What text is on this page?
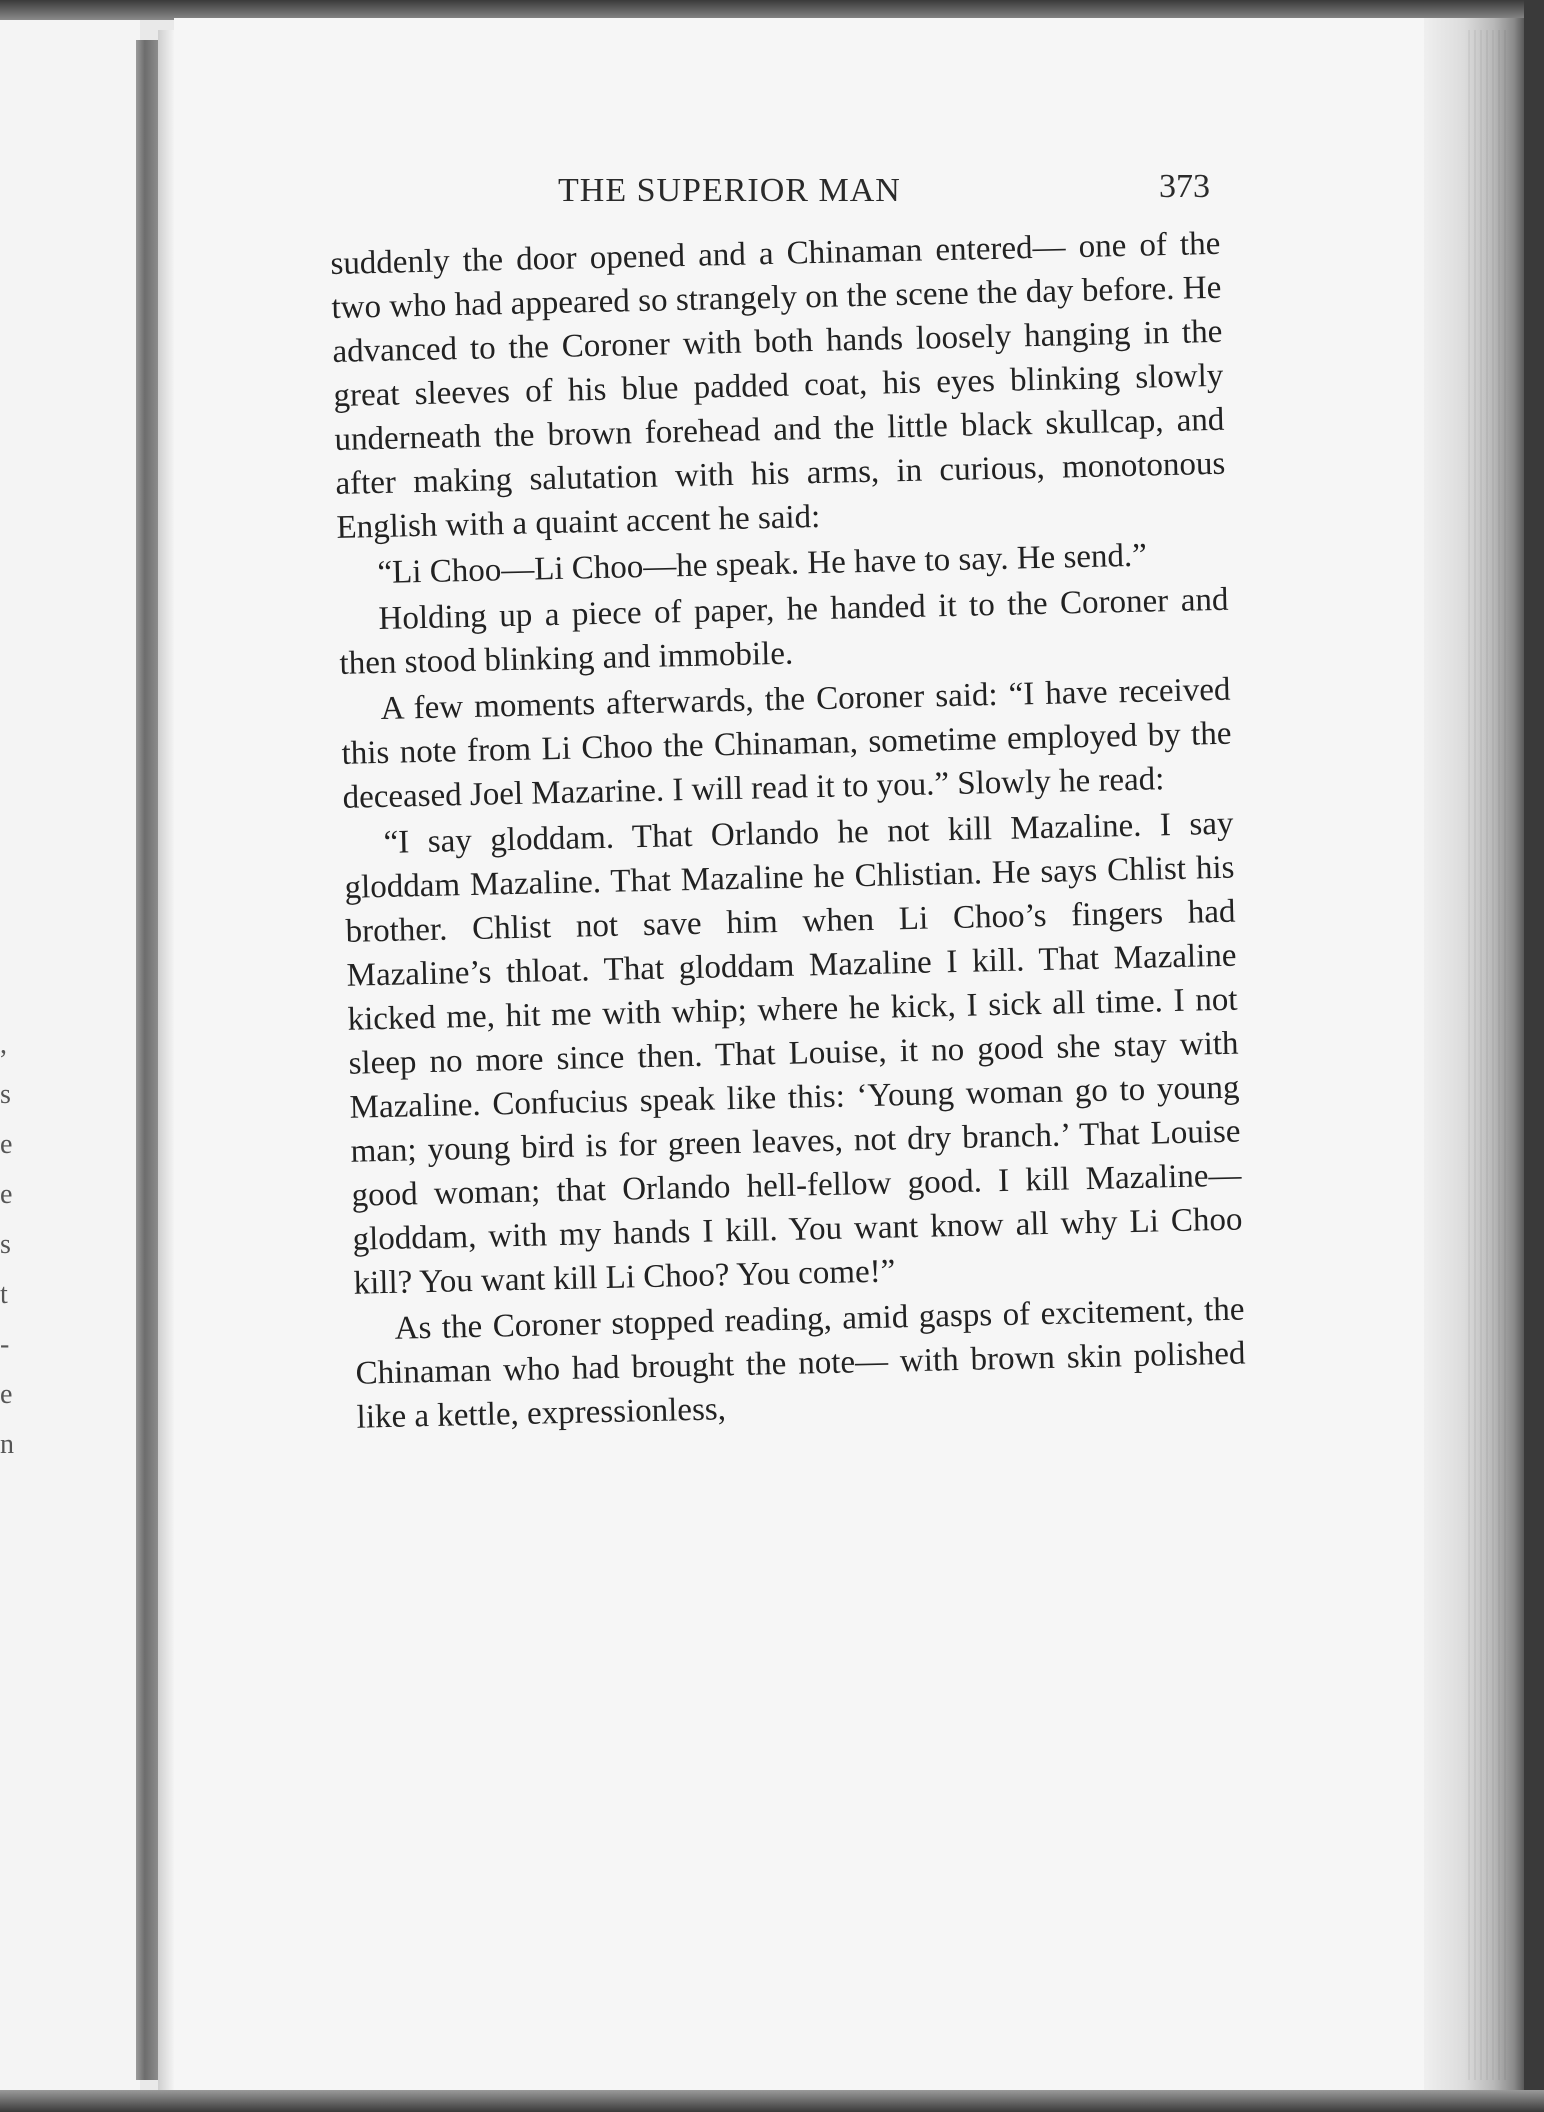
,
s
e
e
s
t
-
e
n
THE SUPERIOR MAN	373

suddenly the door opened and a Chinaman entered— one of the two who had appeared so strangely on the scene the day before. He advanced to the Coroner with both hands loosely hanging in the great sleeves of his blue padded coat, his eyes blinking slowly underneath the brown forehead and the little black skullcap, and after making salutation with his arms, in curious, monotonous English with a quaint accent he said:

“Li Choo—Li Choo—he speak. He have to say. He send.”

Holding up a piece of paper, he handed it to the Coroner and then stood blinking and immobile.

A few moments afterwards, the Coroner said: “I have received this note from Li Choo the Chinaman, sometime employed by the deceased Joel Mazarine. I will read it to you.” Slowly he read:

“I say gloddam. That Orlando he not kill Mazaline. I say gloddam Mazaline. That Mazaline he Chlistian. He says Chlist his brother. Chlist not save him when Li Choo’s fingers had Mazaline’s thloat. That gloddam Mazaline I kill. That Mazaline kicked me, hit me with whip; where he kick, I sick all time. I not sleep no more since then. That Louise, it no good she stay with Mazaline. Confucius speak like this: ‘Young woman go to young man; young bird is for green leaves, not dry branch.’ That Louise good woman; that Orlando hell-fellow good. I kill Mazaline— gloddam, with my hands I kill. You want know all why Li Choo kill? You want kill Li Choo? You come!”

As the Coroner stopped reading, amid gasps of excitement, the Chinaman who had brought the note— with brown skin polished like a kettle, expressionless,
